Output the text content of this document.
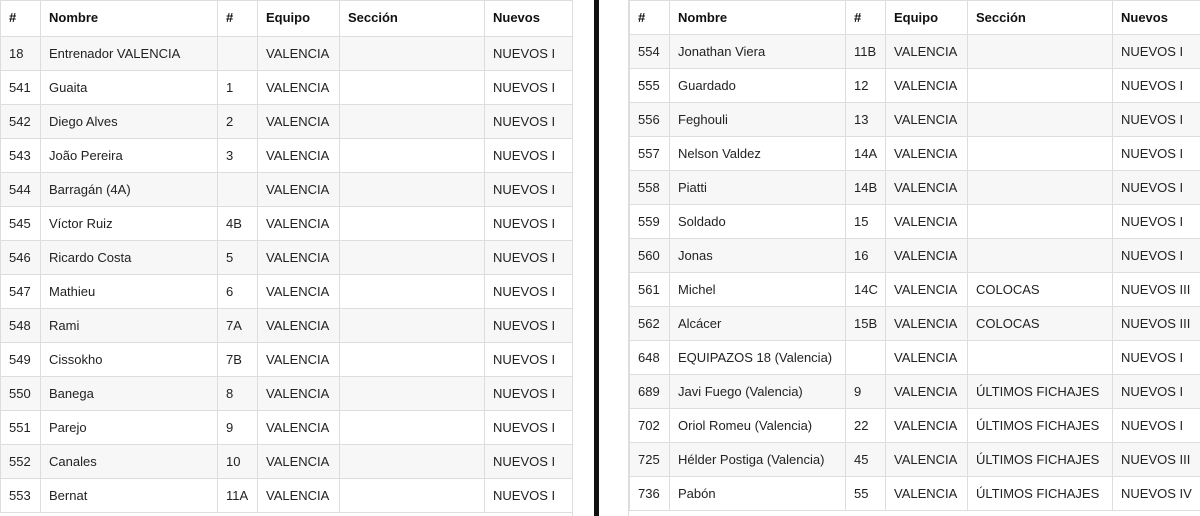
#	Nombre	#	Equipo	Sección	Nuevos
18	Entrenador VALENCIA		VALENCIA		NUEVOS I
541	Guaita	1	VALENCIA		NUEVOS I
542	Diego Alves	2	VALENCIA		NUEVOS I
543	João Pereira	3	VALENCIA		NUEVOS I
544	Barragán (4A)		VALENCIA		NUEVOS I
545	Víctor Ruiz	4B	VALENCIA		NUEVOS I
546	Ricardo Costa	5	VALENCIA		NUEVOS I
547	Mathieu	6	VALENCIA		NUEVOS I
548	Rami	7A	VALENCIA		NUEVOS I
549	Cissokho	7B	VALENCIA		NUEVOS I
550	Banega	8	VALENCIA		NUEVOS I
551	Parejo	9	VALENCIA		NUEVOS I
552	Canales	10	VALENCIA		NUEVOS I
553	Bernat	11A	VALENCIA		NUEVOS I
#	Nombre	#	Equipo	Sección	Nuevos
554	Jonathan Viera	11B	VALENCIA		NUEVOS I
555	Guardado	12	VALENCIA		NUEVOS I
556	Feghouli	13	VALENCIA		NUEVOS I
557	Nelson Valdez	14A	VALENCIA		NUEVOS I
558	Piatti	14B	VALENCIA		NUEVOS I
559	Soldado	15	VALENCIA		NUEVOS I
560	Jonas	16	VALENCIA		NUEVOS I
561	Michel	14C	VALENCIA	COLOCAS	NUEVOS III
562	Alcácer	15B	VALENCIA	COLOCAS	NUEVOS III
648	EQUIPAZOS 18 (Valencia)		VALENCIA		NUEVOS I
689	Javi Fuego (Valencia)	9	VALENCIA	ÚLTIMOS FICHAJES	NUEVOS I
702	Oriol Romeu (Valencia)	22	VALENCIA	ÚLTIMOS FICHAJES	NUEVOS I
725	Hélder Postiga (Valencia)	45	VALENCIA	ÚLTIMOS FICHAJES	NUEVOS III
736	Pabón	55	VALENCIA	ÚLTIMOS FICHAJES	NUEVOS IV
